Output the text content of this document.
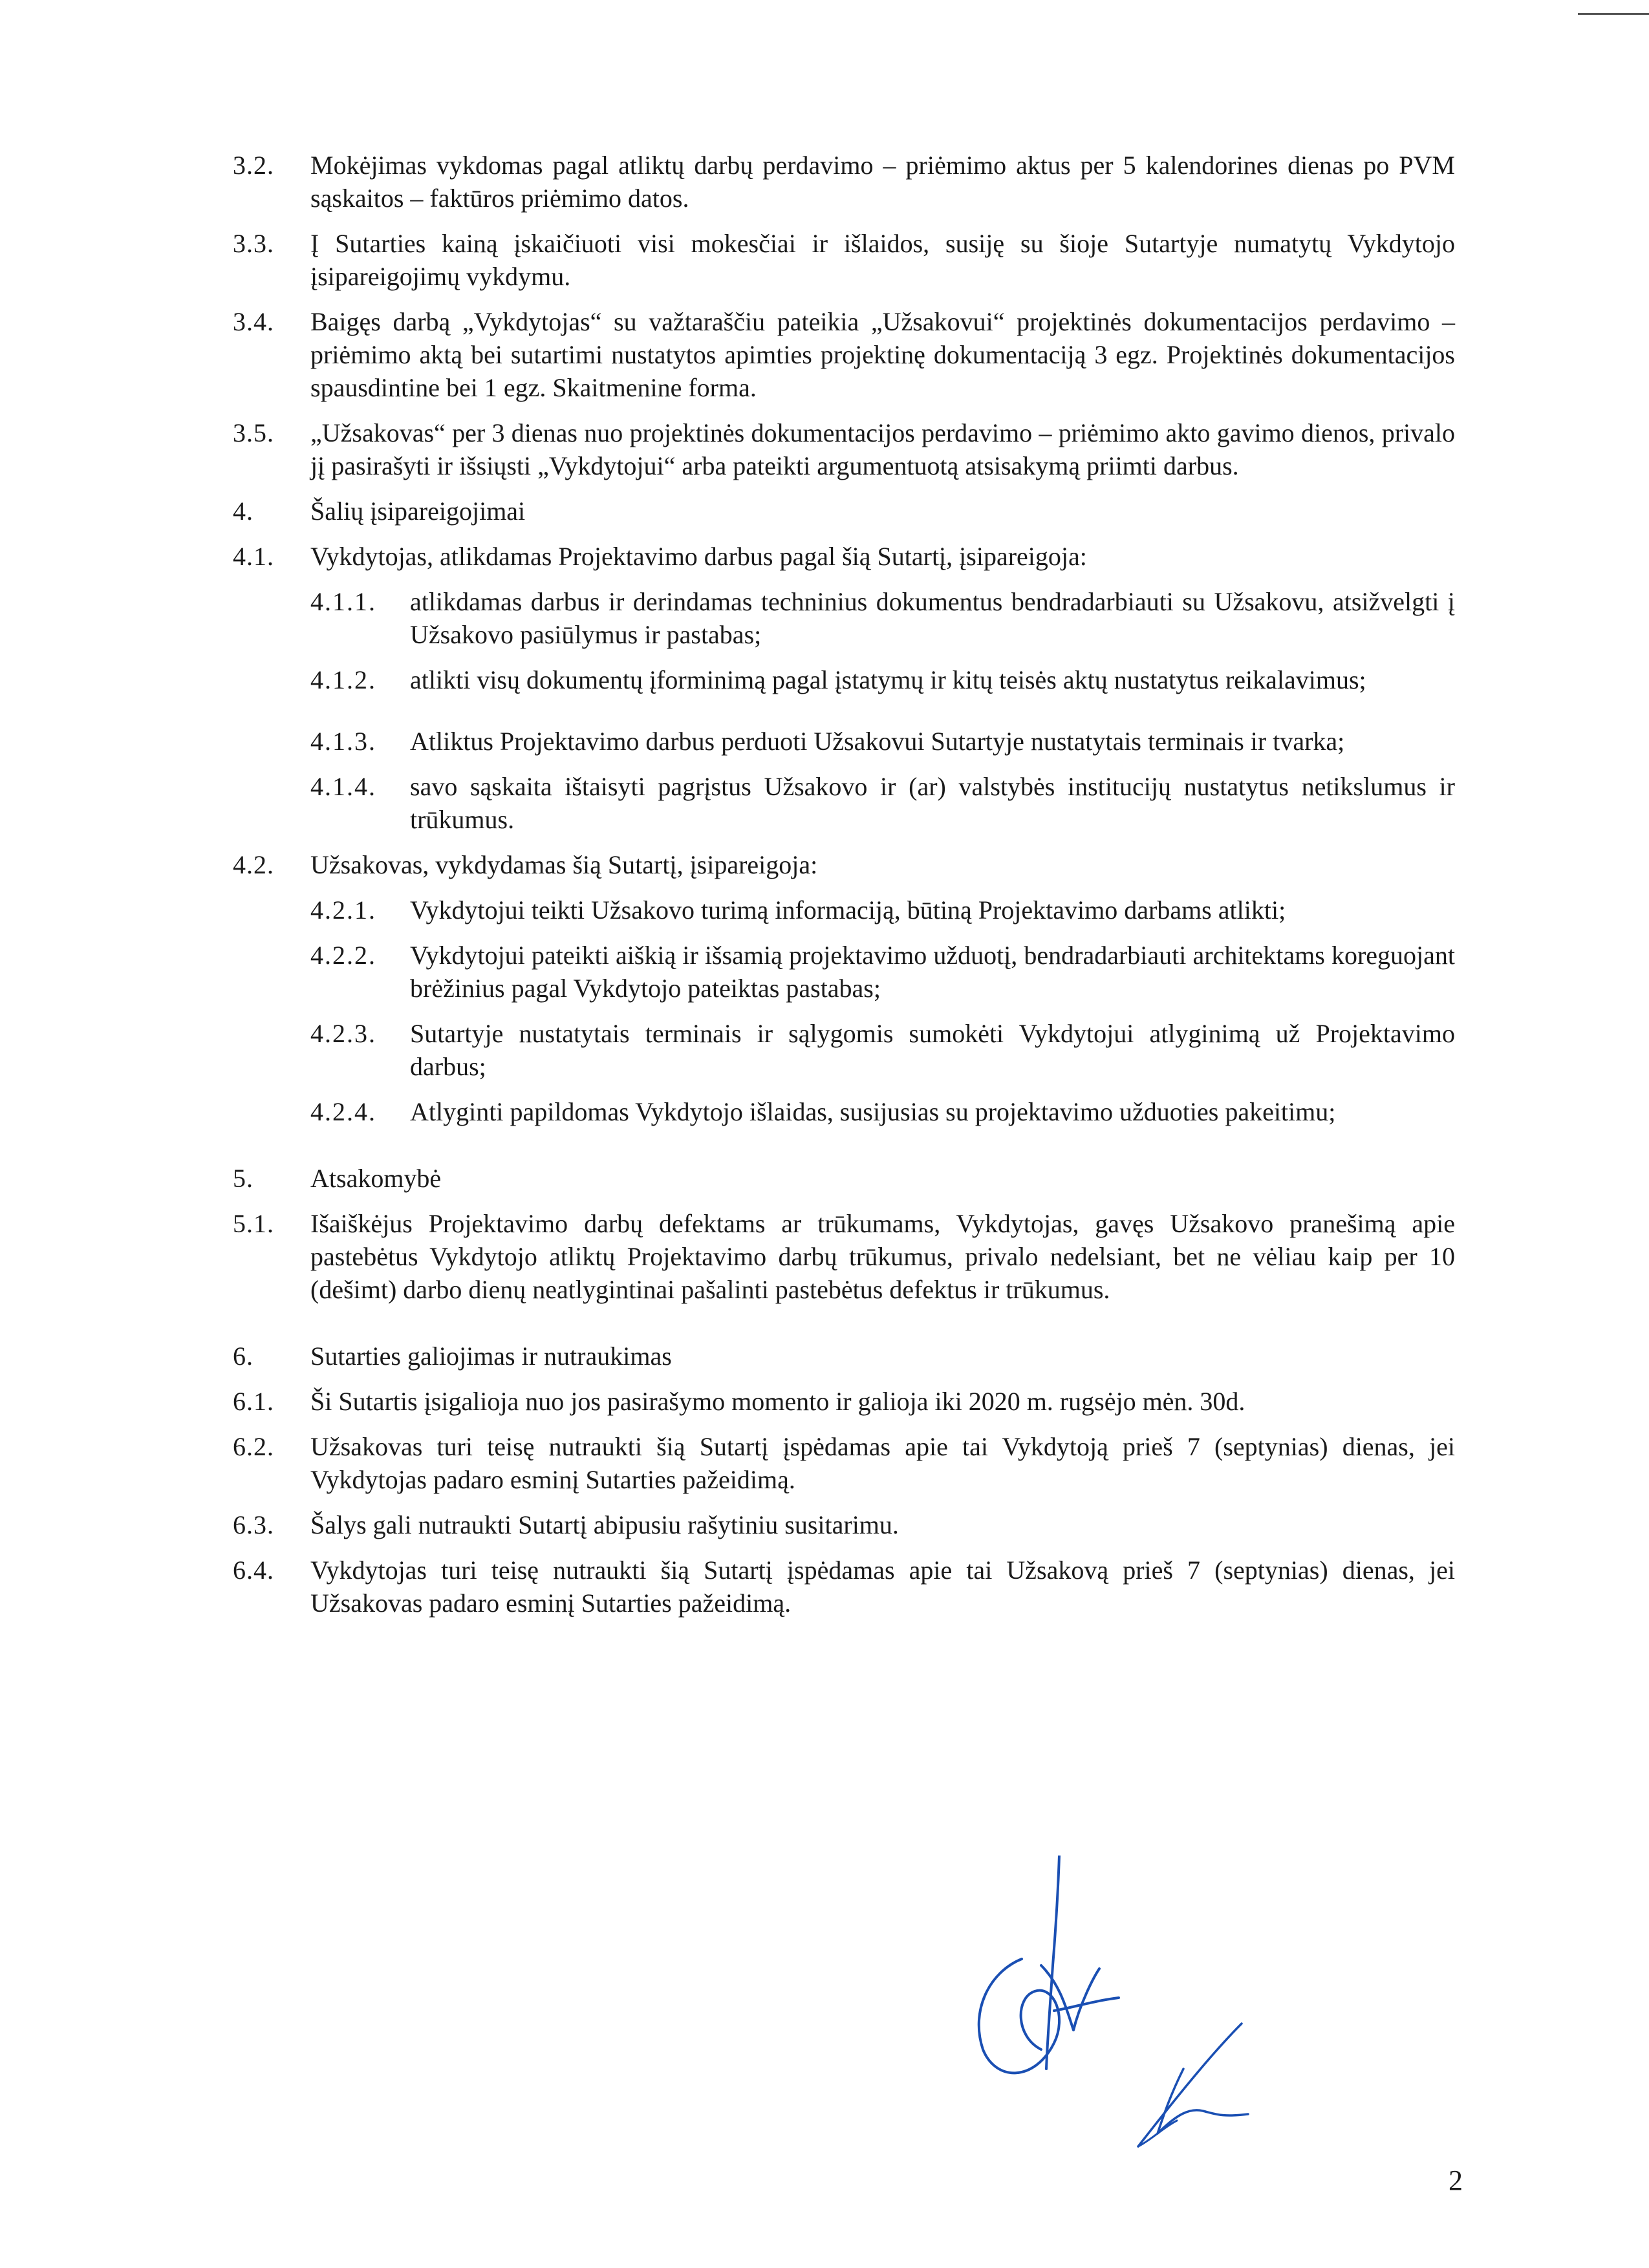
3.2.	Mokėjimas vykdomas pagal atliktų darbų perdavimo – priėmimo aktus per 5 kalendorines dienas po PVM sąskaitos – faktūros priėmimo datos.
3.3.	Į Sutarties kainą įskaičiuoti visi mokesčiai ir išlaidos, susiję su šioje Sutartyje numatytų Vykdytojo įsipareigojimų vykdymu.
3.4.	Baigęs darbą „Vykdytojas“ su važtaraščiu pateikia „Užsakovui“ projektinės dokumentacijos perdavimo – priėmimo aktą bei sutartimi nustatytos apimties projektinę dokumentaciją 3 egz. Projektinės dokumentacijos spausdintine bei 1 egz. Skaitmenine forma.
3.5.	„Užsakovas“ per 3 dienas nuo projektinės dokumentacijos perdavimo – priėmimo akto gavimo dienos, privalo jį pasirašyti ir išsiųsti „Vykdytojui“ arba pateikti argumentuotą atsisakymą priimti darbus.
4.	Šalių įsipareigojimai
4.1.	Vykdytojas, atlikdamas Projektavimo darbus pagal šią Sutartį, įsipareigoja:
4.1.1.	atlikdamas darbus ir derindamas techninius dokumentus bendradarbiauti su Užsakovu, atsižvelgti į Užsakovo pasiūlymus ir pastabas;
4.1.2.	atlikti visų dokumentų įforminimą pagal įstatymų ir kitų teisės aktų nustatytus reikalavimus;
4.1.3.	Atliktus Projektavimo darbus perduoti Užsakovui Sutartyje nustatytais terminais ir tvarka;
4.1.4.	savo sąskaita ištaisyti pagrįstus Užsakovo ir (ar) valstybės institucijų nustatytus netikslumus ir trūkumus.
4.2.	Užsakovas, vykdydamas šią Sutartį, įsipareigoja:
4.2.1.	Vykdytojui teikti Užsakovo turimą informaciją, būtiną Projektavimo darbams atlikti;
4.2.2.	Vykdytojui pateikti aiškią ir išsamią projektavimo užduotį, bendradarbiauti architektams koreguojant brėžinius pagal Vykdytojo pateiktas pastabas;
4.2.3.	Sutartyje nustatytais terminais ir sąlygomis sumokėti Vykdytojui atlyginimą už Projektavimo darbus;
4.2.4.	Atlyginti papildomas Vykdytojo išlaidas, susijusias su projektavimo užduoties pakeitimu;
5.	Atsakomybė
5.1.	Išaiškėjus Projektavimo darbų defektams ar trūkumams, Vykdytojas, gavęs Užsakovo pranešimą apie pastebėtus Vykdytojo atliktų Projektavimo darbų trūkumus, privalo nedelsiant, bet ne vėliau kaip per 10 (dešimt) darbo dienų neatlygintinai pašalinti pastebėtus defektus ir trūkumus.
6.	Sutarties galiojimas ir nutraukimas
6.1.	Ši Sutartis įsigalioja nuo jos pasirašymo momento ir galioja iki 2020 m. rugsėjo mėn. 30d.
6.2.	Užsakovas turi teisę nutraukti šią Sutartį įspėdamas apie tai Vykdytoją prieš 7 (septynias) dienas, jei Vykdytojas padaro esminį Sutarties pažeidimą.
6.3.	Šalys gali nutraukti Sutartį abipusiu rašytiniu susitarimu.
6.4.	Vykdytojas turi teisę nutraukti šią Sutartį įspėdamas apie tai Užsakovą prieš 7 (septynias) dienas, jei Užsakovas padaro esminį Sutarties pažeidimą.
2
